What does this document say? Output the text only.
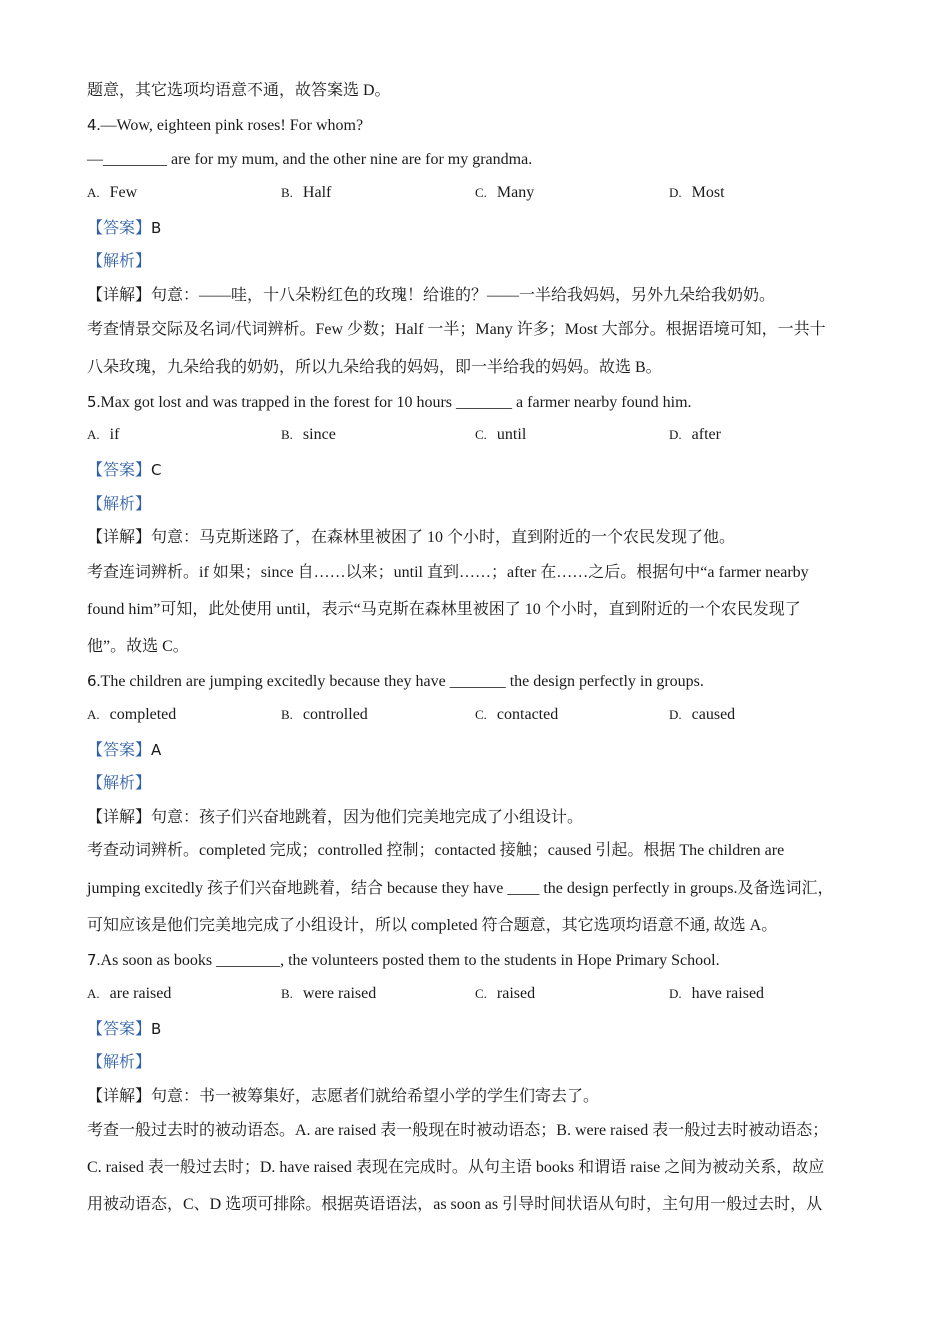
题意，其它选项均语意不通，故答案选 D。
4.—Wow, eighteen pink roses! For whom?
—________ are for my mum, and the other nine are for my grandma.
A. Few	B. Half	C. Many	D. Most
【答案】B
【解析】
【详解】句意：——哇，十八朵粉红色的玫瑰！给谁的？——一半给我妈妈，另外九朵给我奶奶。
考查情景交际及名词/代词辨析。Few 少数；Half 一半；Many 许多；Most 大部分。根据语境可知，一共十
八朵玫瑰，九朵给我的奶奶，所以九朵给我的妈妈，即一半给我的妈妈。故选 B。
5.Max got lost and was trapped in the forest for 10 hours _______ a farmer nearby found him.
A. if	B. since	C. until	D. after
【答案】C
【解析】
【详解】句意：马克斯迷路了，在森林里被困了 10 个小时，直到附近的一个农民发现了他。
考查连词辨析。if 如果；since 自……以来；until 直到……；after 在……之后。根据句中“a farmer nearby
found him”可知，此处使用 until，表示“马克斯在森林里被困了 10 个小时，直到附近的一个农民发现了
他”。故选 C。
6.The children are jumping excitedly because they have _______ the design perfectly in groups.
A. completed	B. controlled	C. contacted	D. caused
【答案】A
【解析】
【详解】句意：孩子们兴奋地跳着，因为他们完美地完成了小组设计。
考查动词辨析。completed 完成；controlled 控制；contacted 接触；caused 引起。根据 The children are
jumping excitedly 孩子们兴奋地跳着，结合 because they have ____ the design perfectly in groups.及备选词汇，
可知应该是他们完美地完成了小组设计，所以 completed 符合题意，其它选项均语意不通, 故选 A。
7.As soon as books ________, the volunteers posted them to the students in Hope Primary School.
A. are raised	B. were raised	C. raised	D. have raised
【答案】B
【解析】
【详解】句意：书一被筹集好，志愿者们就给希望小学的学生们寄去了。
考查一般过去时的被动语态。A. are raised 表一般现在时被动语态；B. were raised 表一般过去时被动语态；
C. raised 表一般过去时；D. have raised 表现在完成时。从句主语 books 和谓语 raise 之间为被动关系，故应
用被动语态，C、D 选项可排除。根据英语语法，as soon as 引导时间状语从句时，主句用一般过去时，从
